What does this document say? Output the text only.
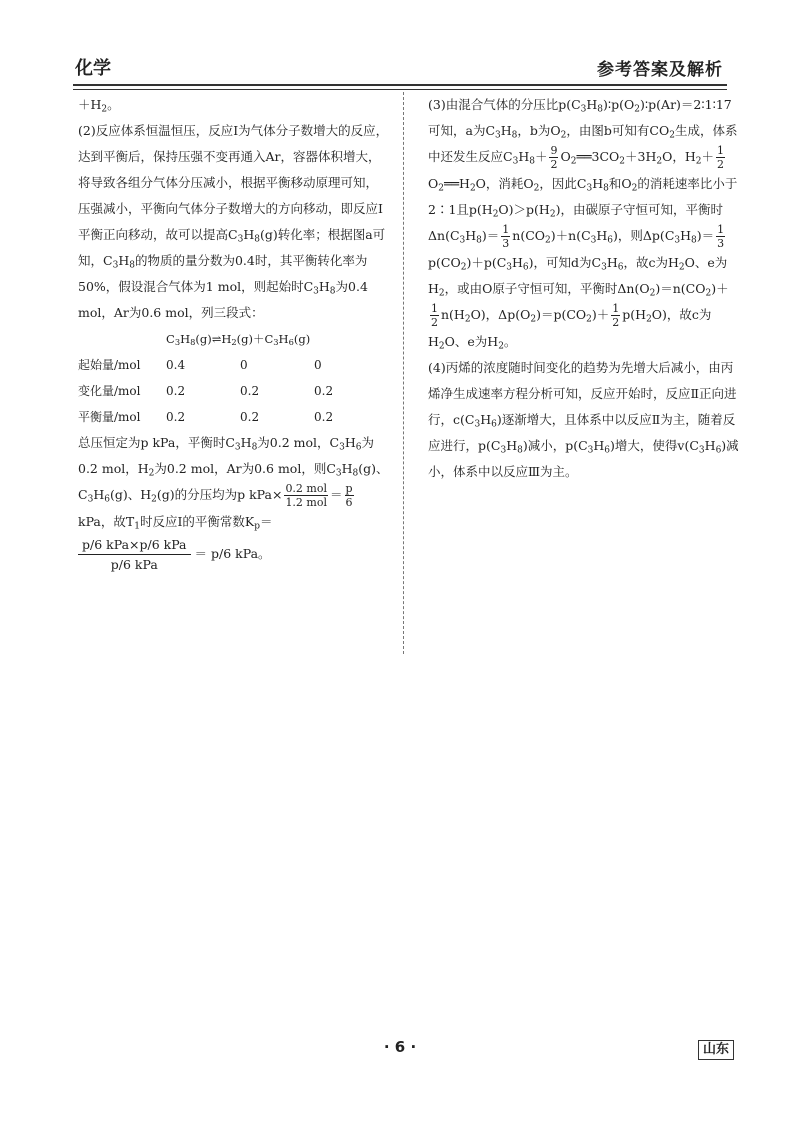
化学	参考答案及解析

$+H_2$。

(2)反应体系恒温恒压，反应Ⅰ为气体分子数增大的反应，达到平衡后，保持压强不变再通入Ar，容器体积增大，将导致各组分气体分压减小，根据平衡移动原理可知，压强减小，平衡向气体分子数增大的方向移动，即反应Ⅰ平衡正向移动，故可以提高$C_3H_8(g)$转化率；根据图a可知，$C_3H_8$的物质的量分数为0.4时，其平衡转化率为50%，假设混合气体为1 mol，则起始时$C_3H_8$为0.4 mol，Ar为0.6 mol，列三段式：

$C_3H_8(g)\rightleftharpoons H_2(g)+C_3H_6(g)$

起始量/mol	0.4	0	0
变化量/mol	0.2	0.2	0.2
平衡量/mol	0.2	0.2	0.2

总压恒定为p kPa，平衡时$C_3H_8$为0.2 mol，$C_3H_6$为0.2 mol，$H_2$为0.2 mol，Ar为0.6 mol，则$C_3H_8(g)$、$C_3H_6(g)$、$H_2(g)$的分压均为p $kPa\times \frac{\text{0.2 mol}}{\text{1.2 mol}} = \frac{p}{6}$
kPa，故$T_1$时反应Ⅰ的平衡常数$K_p=$

p/6 kPa×p/6 kPa
p/6 kPa
＝ p/6 kPa。

(3)由混合气体的分压比$p(C_3H_8)∶p(O_2)∶p(Ar)=2∶1∶17$可知，a为$C_3H_8$，b为$O_2$，由图b可知有$CO_2$生成，体系中还发生反应$C_3H_8+ \frac{9}{2}$ $O_2══3CO_2+3H_2O$，$H_2+ \frac{1}{2}$
$O_2══H_2O$，消耗$O_2$，因此$C_3H_8$和$O_2$的消耗速率比小于2∶1且$p(H_2O)>p(H_2)$，由碳原子守恒可知，平衡时$\Delta n(C_3H_8)= \frac{1}{3} n(CO_2)+n(C_3H_6)$，则$\Delta p(C_3H_8)= \frac{1}{3}$
$p(CO_2)+p(C_3H_6)$，可知d为$C_3H_6$，故c为$H_2O$、e为$H_2$，或由O原子守恒可知，平衡时$\Delta n(O_2)=n(CO_2)+$
$\frac{1}{2} n(H_2O)$，$\Delta p(O_2)=p(CO_2)+ \frac{1}{2} p(H_2O)$，故c为$H_2O$、e为$H_2$。

(4)丙烯的浓度随时间变化的趋势为先增大后减小，由丙烯净生成速率方程分析可知，反应开始时，反应Ⅱ正向进行，$c(C_3H_6)$逐渐增大，且体系中以反应Ⅱ为主，随着反应进行，$p(C_3H_8)$减小，$p(C_3H_6)$增大，使得$v(C_3H_6)$减小，体系中以反应Ⅲ为主。

· 6 ·	山东
